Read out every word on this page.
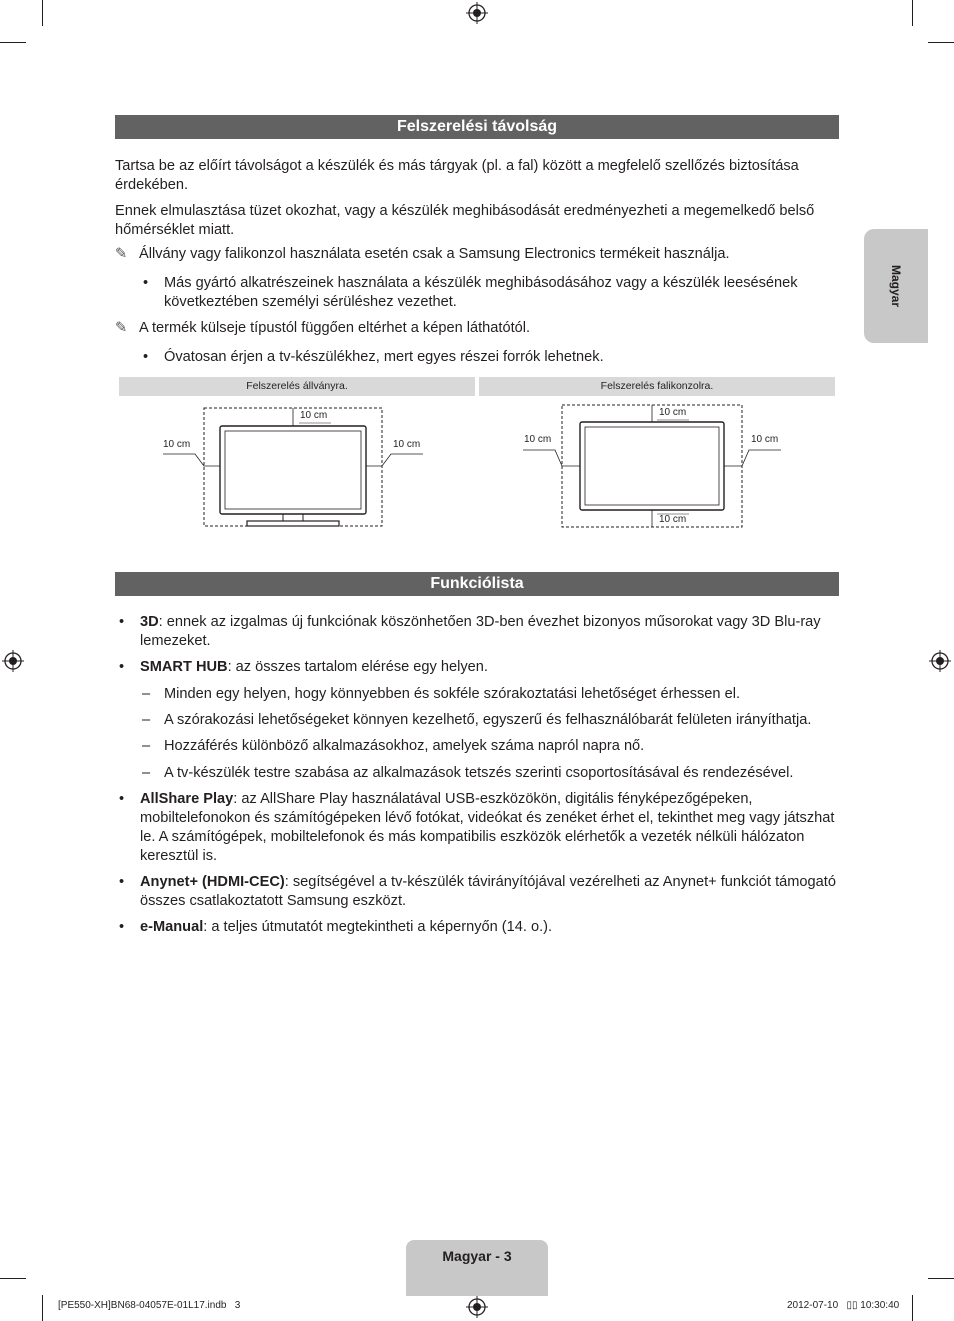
Magyar
Felszerelési távolság
Tartsa be az előírt távolságot a készülék és más tárgyak (pl. a fal) között a megfelelő szellőzés biztosítása érdekében.
Ennek elmulasztása tüzet okozhat, vagy a készülék meghibásodását eredményezheti a megemelkedő belső hőmérséklet miatt.
✎ Állvány vagy falikonzol használata esetén csak a Samsung Electronics termékeit használja.
• Más gyártó alkatrészeinek használata a készülék meghibásodásához vagy a készülék leesésének következtében személyi sérüléshez vezethet.
✎ A termék külseje típustól függően eltérhet a képen láthatótól.
• Óvatosan érjen a tv-készülékhez, mert egyes részei forrók lehetnek.
Felszerelés állványra.	Felszerelés falikonzolra.
10 cm
10 cm	10 cm
10 cm
10 cm	10 cm
10 cm
Funkciólista
• 3D: ennek az izgalmas új funkciónak köszönhetően 3D-ben évezhet bizonyos műsorokat vagy 3D Blu-ray lemezeket.
• SMART HUB: az összes tartalom elérése egy helyen.
– Minden egy helyen, hogy könnyebben és sokféle szórakoztatási lehetőséget érhessen el.
– A szórakozási lehetőségeket könnyen kezelhető, egyszerű és felhasználóbarát felületen irányíthatja.
– Hozzáférés különböző alkalmazásokhoz, amelyek száma napról napra nő.
– A tv-készülék testre szabása az alkalmazások tetszés szerinti csoportosításával és rendezésével.
• AllShare Play: az AllShare Play használatával USB-eszközökön, digitális fényképezőgépeken, mobiltelefonokon és számítógépeken lévő fotókat, videókat és zenéket érhet el, tekinthet meg vagy játszhat le. A számítógépek, mobiltelefonok és más kompatibilis eszközök elérhetők a vezeték nélküli hálózaton keresztül is.
• Anynet+ (HDMI-CEC): segítségével a tv-készülék távirányítójával vezérelheti az Anynet+ funkciót támogató összes csatlakoztatott Samsung eszközt.
• e-Manual: a teljes útmutatót megtekintheti a képernyőn (14. o.).
Magyar - 3
[PE550-XH]BN68-04057E-01L17.indb   3	2012-07-10   ▯▯ 10:30:40
